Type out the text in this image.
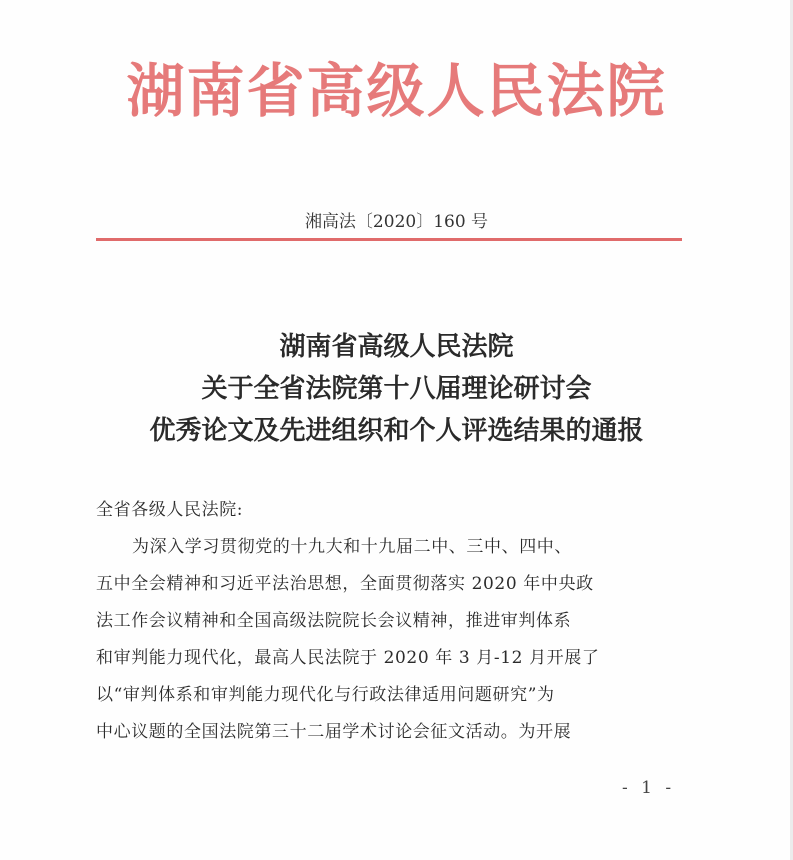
湖南省高级人民法院
湘高法〔2020〕160 号
湖南省高级人民法院
关于全省法院第十八届理论研讨会
优秀论文及先进组织和个人评选结果的通报
全省各级人民法院:
为深入学习贯彻党的十九大和十九届二中、三中、四中、
五中全会精神和习近平法治思想，全面贯彻落实 2020 年中央政
法工作会议精神和全国高级法院院长会议精神，推进审判体系
和审判能力现代化，最高人民法院于 2020 年 3 月-12 月开展了
以“审判体系和审判能力现代化与行政法律适用问题研究”为
中心议题的全国法院第三十二届学术讨论会征文活动。为开展
- 1 -
